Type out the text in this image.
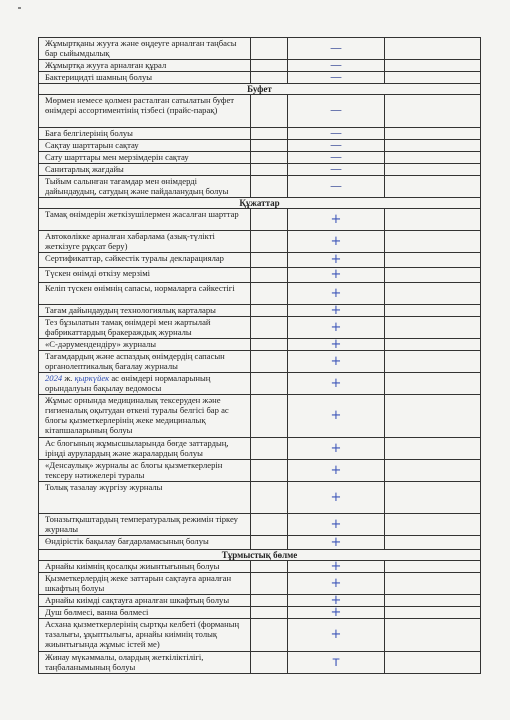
Жұмыртқаны жууға және өңдеуге арналған таңбасы бар сыйымдылық		—	
Жұмыртқа жууға арналған құрал		—	
Бактерицидті шамның болуы		—	
Буфет			
Мөрмен немесе қолмен расталған сатылатын буфет өнімдері ассортиментінің тізбесі (прайс-парақ)		—	
Баға белгілерінің болуы		—	
Сақтау шарттарын сақтау		—	
Сату шарттары мен мерзімдерін сақтау		—	
Санитарлық жағдайы		—	
Тыйым салынған тағамдар мен өнімдерді дайындаудың, сатудың және пайдаланудың болуы		—	
Құжаттар			
Тамақ өнімдерін жеткізушілермен жасалған шарттар		+	
Автокөлікке арналған хабарлама (азық-түлікті жеткізуге рұқсат беру)		+	
Сертификаттар, сәйкестік туралы декларациялар		+	
Түскен өнімді өткізу мерзімі		+	
Келіп түскен өнімнің сапасы, нормаларға сәйкестігі		+	
Тағам дайындаудың технологиялық карталары		+	
Тез бұзылатын тамақ өнімдері мен жартылай фабрикаттардың бракераждық журналы		+	
«С-дәрумендендіру» журналы		+	
Тағамдардың және аспаздық өнімдердің сапасын органолептикалық бағалау журналы		+	
2024 ж. қыркүйек ас өнімдері нормаларының орындалуын бақылау ведомосы		+	
Жұмыс орнында медициналық тексеруден және гигиеналық оқытудан өткені туралы белгісі бар ас блогы қызметкерлерінің жеке медициналық кітапшаларының болуы		+	
Ас блогының жұмысшыларында бөгде заттардың, іріңді аурулардың және жаралардың болуы		+	
«Денсаулық» журналы ас блогы қызметкерлерін тексеру нәтижелері туралы		+	
Толық тазалау жүргізу журналы		+	
Тоназытқыштардың температуралық режимін тіркеу журналы		+	
Өндірістік бақылау бағдарламасының болуы		+	
Тұрмыстық бөлме			
Арнайы киімнің қосалқы жиынтығының болуы		+	
Қызметкерлердің жеке заттарын сақтауға арналған шкафтың болуы		+	
Арнайы киімді сақтауға арналған шкафтың болуы		+	
Душ бөлмесі, ванна бөлмесі		+	
Асхана қызметкерлерінің сыртқы келбеті (форманың тазалығы, ұқыптылығы, арнайы киімнің толық жиынтығында жұмыс істей ме)		+	
Жинау мүкәммалы, олардың жеткіліктілігі, таңбаланымының болуы		т	
